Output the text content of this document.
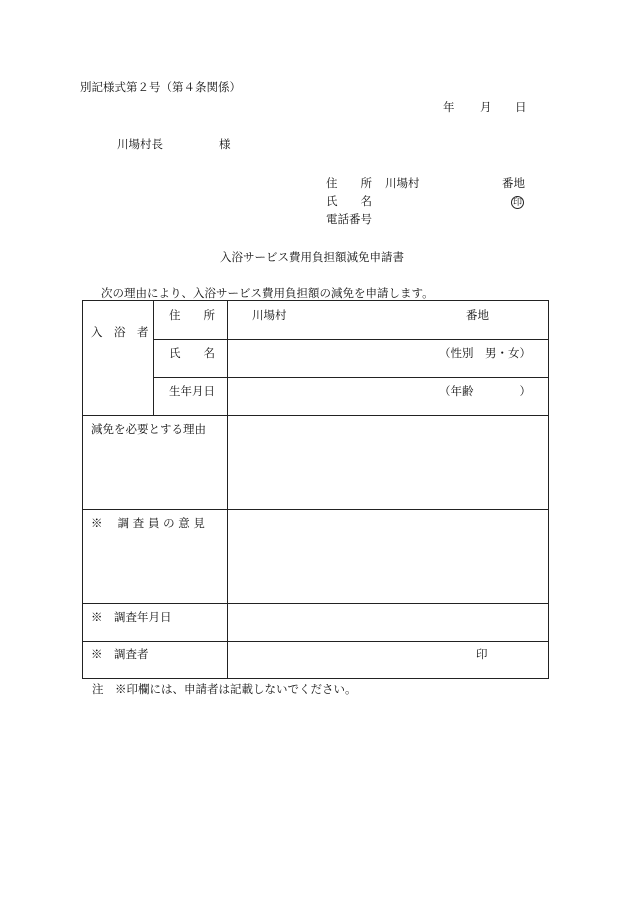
別記様式第２号（第４条関係）
年 月 日
川場村長	様
住　　所 川場村	番地
氏　　名	印
電話番号
入浴サービス費用負担額減免申請書
次の理由により、入浴サービス費用負担額の減免を申請します。
入　浴　者
住　　所	川場村	番地
氏　　名	（性別　男・女）
生年月日	（年齢　　　　）
減免を必要とする理由
※　 調 査 員 の 意 見
※　調査年月日
※　調査者	印
注　※印欄には、申請者は記載しないでください。
